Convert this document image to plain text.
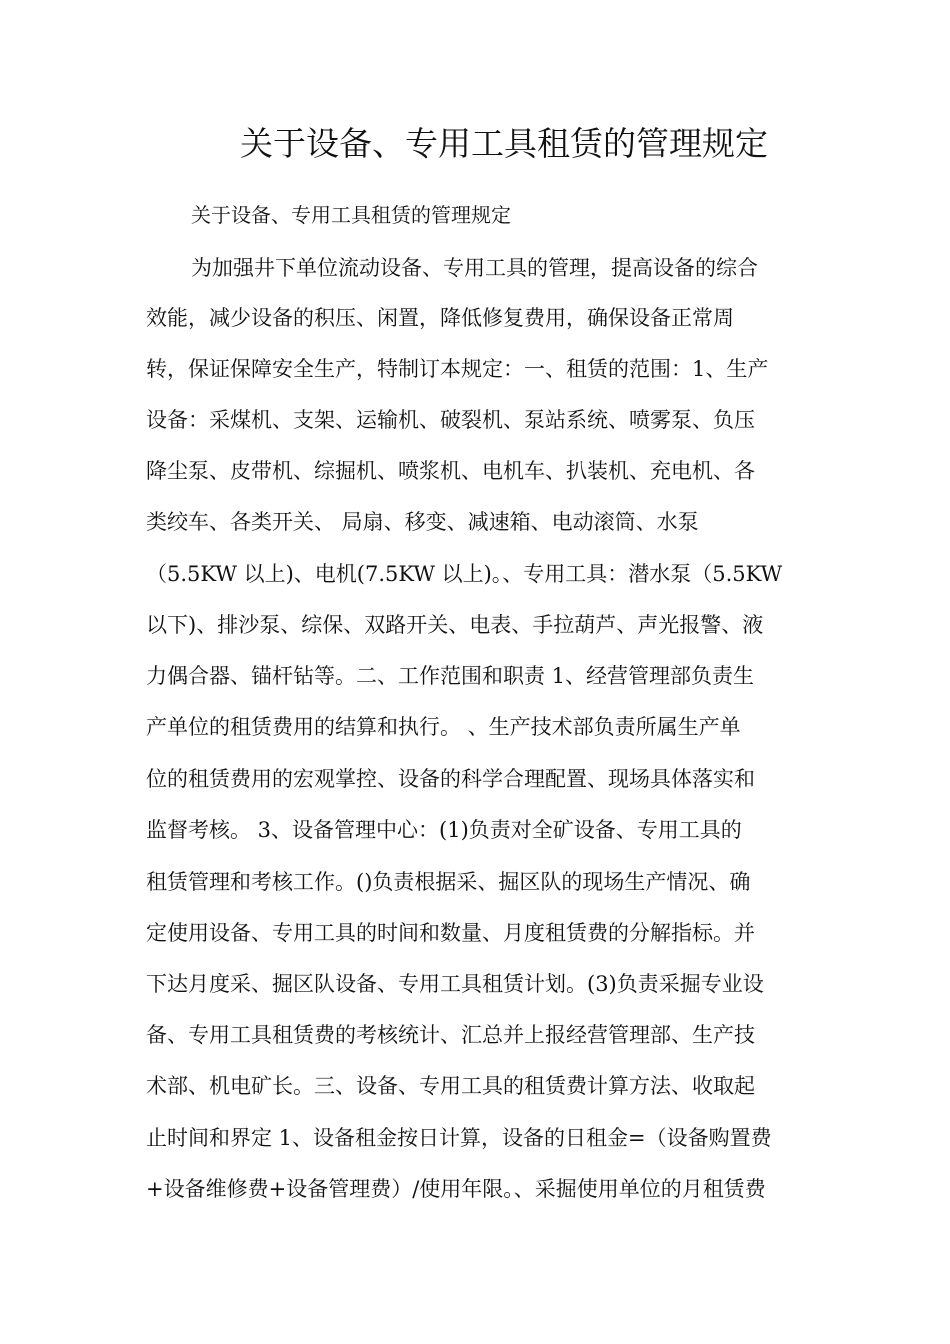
关于设备、专用工具租赁的管理规定
关于设备、专用工具租赁的管理规定
为加强井下单位流动设备、专用工具的管理，提高设备的综合
效能，减少设备的积压、闲置，降低修复费用，确保设备正常周
转，保证保障安全生产，特制订本规定：一、租赁的范围：1、生产
设备：采煤机、支架、运输机、破裂机、泵站系统、喷雾泵、负压
降尘泵、皮带机、综掘机、喷浆机、电机车、扒装机、充电机、各
类绞车、各类开关、 局扇、移变、减速箱、电动滚筒、水泵
（5.5KW 以上)、电机(7.5KW 以上)。、专用工具：潜水泵（5.5KW
以下)、排沙泵、综保、双路开关、电表、手拉葫芦、声光报警、液
力偶合器、锚杆钻等。二、工作范围和职责 1、经营管理部负责生
产单位的租赁费用的结算和执行。 、生产技术部负责所属生产单
位的租赁费用的宏观掌控、设备的科学合理配置、现场具体落实和
监督考核。 3、设备管理中心：(1)负责对全矿设备、专用工具的
租赁管理和考核工作。()负责根据采、掘区队的现场生产情况、确
定使用设备、专用工具的时间和数量、月度租赁费的分解指标。并
下达月度采、掘区队设备、专用工具租赁计划。(3)负责采掘专业设
备、专用工具租赁费的考核统计、汇总并上报经营管理部、生产技
术部、机电矿长。三、设备、专用工具的租赁费计算方法、收取起
止时间和界定 1、设备租金按日计算，设备的日租金=（设备购置费
+设备维修费+设备管理费）/使用年限。、采掘使用单位的月租赁费
